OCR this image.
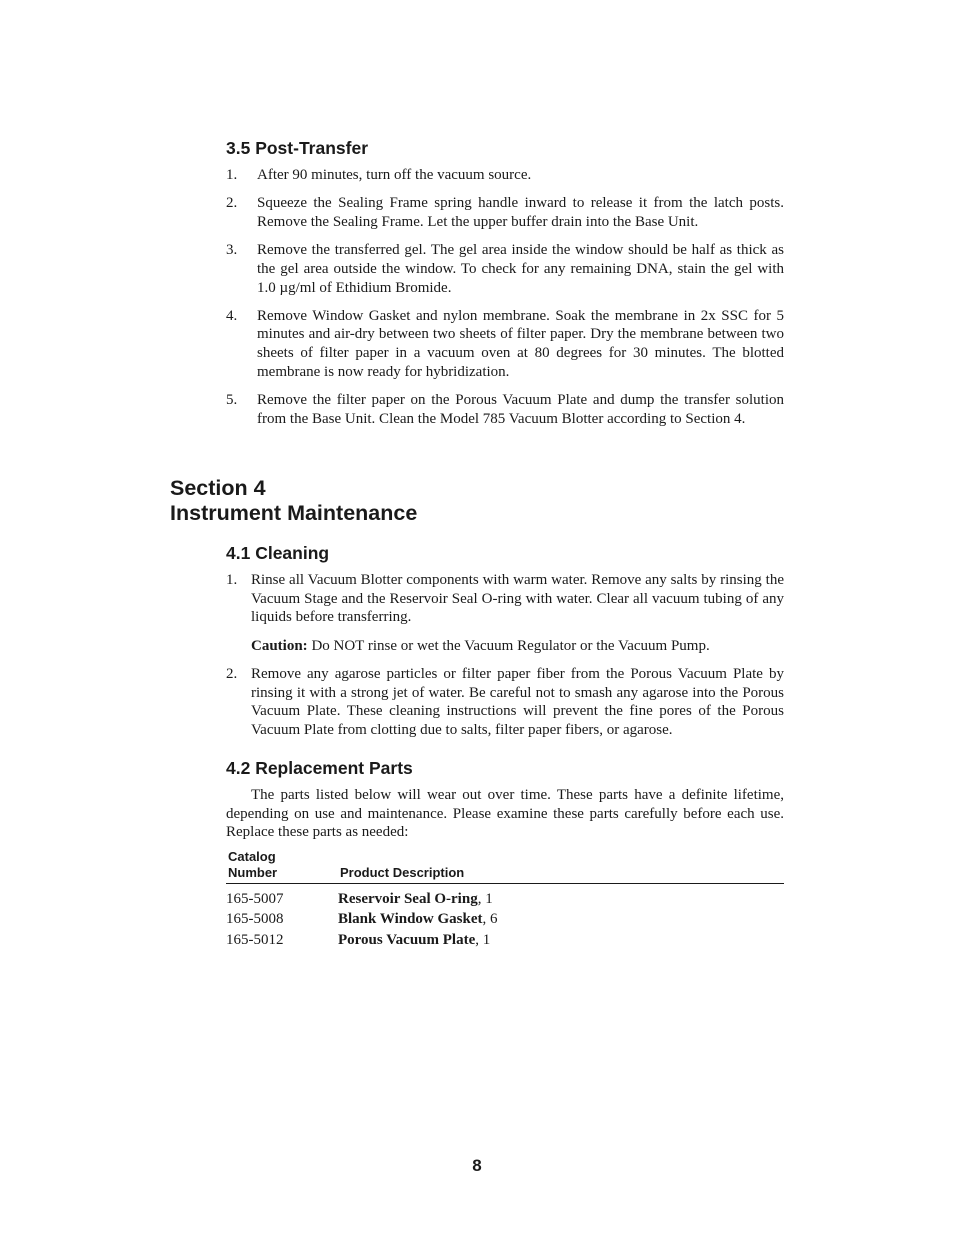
3.5 Post-Transfer
1. After 90 minutes, turn off the vacuum source.
2. Squeeze the Sealing Frame spring handle inward to release it from the latch posts. Remove the Sealing Frame. Let the upper buffer drain into the Base Unit.
3. Remove the transferred gel. The gel area inside the window should be half as thick as the gel area outside the window. To check for any remaining DNA, stain the gel with 1.0 µg/ml of Ethidium Bromide.
4. Remove Window Gasket and nylon membrane. Soak the membrane in 2x SSC for 5 minutes and air-dry between two sheets of filter paper. Dry the membrane between two sheets of filter paper in a vacuum oven at 80 degrees for 30 minutes. The blotted membrane is now ready for hybridization.
5. Remove the filter paper on the Porous Vacuum Plate and dump the transfer solution from the Base Unit. Clean the Model 785 Vacuum Blotter according to Section 4.
Section 4
Instrument Maintenance
4.1 Cleaning
1. Rinse all Vacuum Blotter components with warm water. Remove any salts by rinsing the Vacuum Stage and the Reservoir Seal O-ring with water. Clear all vacuum tubing of any liquids before transferring.
Caution: Do NOT rinse or wet the Vacuum Regulator or the Vacuum Pump.
2. Remove any agarose particles or filter paper fiber from the Porous Vacuum Plate by rinsing it with a strong jet of water. Be careful not to smash any agarose into the Porous Vacuum Plate. These cleaning instructions will prevent the fine pores of the Porous Vacuum Plate from clotting due to salts, filter paper fibers, or agarose.
4.2 Replacement Parts

The parts listed below will wear out over time. These parts have a definite lifetime, depending on use and maintenance. Please examine these parts carefully before each use. Replace these parts as needed:

Catalog
Number	Product Description
165-5007	Reservoir Seal O-ring, 1
165-5008	Blank Window Gasket, 6
165-5012	Porous Vacuum Plate, 1
8
